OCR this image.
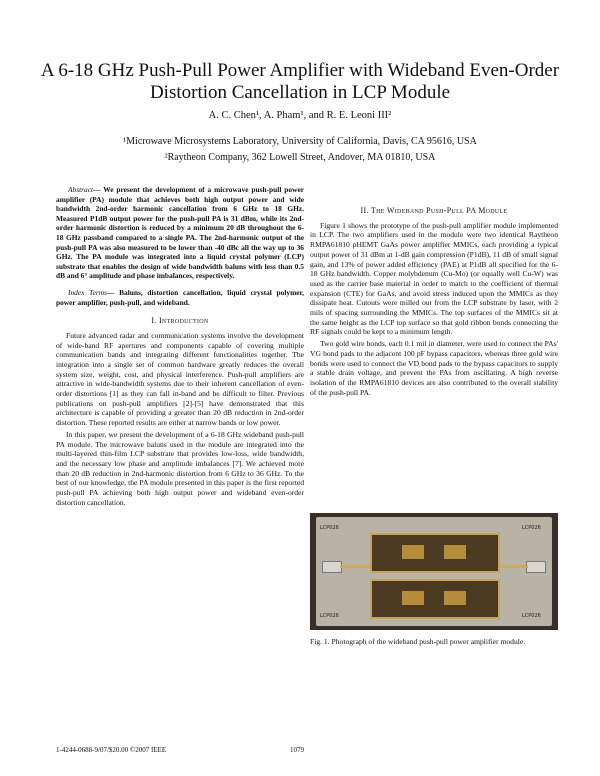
A 6-18 GHz Push-Pull Power Amplifier with Wideband Even-Order Distortion Cancellation in LCP Module
A. C. Chen¹, A. Pham¹, and R. E. Leoni III²
¹Microwave Microsystems Laboratory, University of California, Davis, CA 95616, USA
²Raytheon Company, 362 Lowell Street, Andover, MA 01810, USA

Abstract— We present the development of a microwave push-pull power amplifier (PA) module that achieves both high output power and wide bandwidth 2nd-order harmonic cancellation from 6 GHz to 18 GHz. Measured P1dB output power for the push-pull PA is 31 dBm, while its 2nd-order harmonic distortion is reduced by a minimum 20 dB throughout the 6-18 GHz passband compared to a single PA. The 2nd-harmonic output of the push-pull PA was also measured to be lower than -40 dBc all the way up to 36 GHz. The PA module was integrated into a liquid crystal polymer (LCP) substrate that enables the design of wide bandwidth baluns with less than 0.5 dB and 6° amplitude and phase imbalances, respectively.

Index Terms— Baluns, distortion cancellation, liquid crystal polymer, power amplifier, push-pull, and wideband.

I. Introduction

Future advanced radar and communication systems involve the development of wide-band RF apertures and components capable of covering multiple communication bands and integrating different functionalities together. The integration into a single set of common hardware greatly reduces the overall system size, weight, cost, and physical interference. Push-pull amplifiers are attractive in wide-bandwidth systems due to their inherent cancellation of even-order distortions [1] as they can fall in-band and be difficult to filter. Previous publications on push-pull amplifiers [2]-[5] have demonstrated that this architecture is capable of providing a greater than 20 dB reduction in 2nd-order distortion. These reported results are either at narrow bands or low power.

In this paper, we present the development of a 6-18 GHz wideband push-pull PA module. The microwave baluns used in the module are integrated into the multi-layered thin-film LCP substrate that provides low-loss, wide bandwidth, and the necessary low phase and amplitude imbalances [7]. We achieved more than 20 dB reduction in 2nd-harmonic distortion from 6 GHz to 36 GHz. To the best of our knowledge, the PA module presented in this paper is the first reported push-pull PA achieving both high output power and wideband even-order distortion cancellation.

II. The Wideband Push-Pull PA Module

Figure 1 shows the prototype of the push-pull amplifier module implemented in LCP. The two amplifiers used in the module were two identical Raytheon RMPA61810 pHEMT GaAs power amplifier MMICs, each providing a typical output power of 31 dBm at 1-dB gain compression (P1dB), 11 dB of small signal gain, and 13% of power added efficiency (PAE) at P1dB all specified for the 6-18 GHz bandwidth. Copper molybdenum (Cu-Mo) (or equally well Cu-W) was used as the carrier base material in order to match to the coefficient of thermal expansion (CTE) for GaAs, and avoid stress induced upon the MMICs as they dissipate heat. Cutouts were milled out from the LCP substrate by laser, with 2 mils of spacing surrounding the MMICs. The top surfaces of the MMICs sit at the same height as the LCP top surface so that gold ribbon bonds connecting the RF signals could be kept to a minimum length.

Two gold wire bonds, each 0.1 mil in diameter, were used to connect the PAs' VG bond pads to the adjacent 100 pF bypass capacitors, whereas three gold wire bonds were used to connect the VD bond pads to the bypass capacitors to supply a stable drain voltage, and prevent the PAs from oscillating. A high reverse isolation of the RMPA61810 devices are also contributed to the overall stability of the push-pull PA.

LCP026	LCP026
LCP026	LCP026
Fig. 1. Photograph of the wideband push-pull power amplifier module.
1-4244-0688-9/07/$20.00 ©2007 IEEE	1079
